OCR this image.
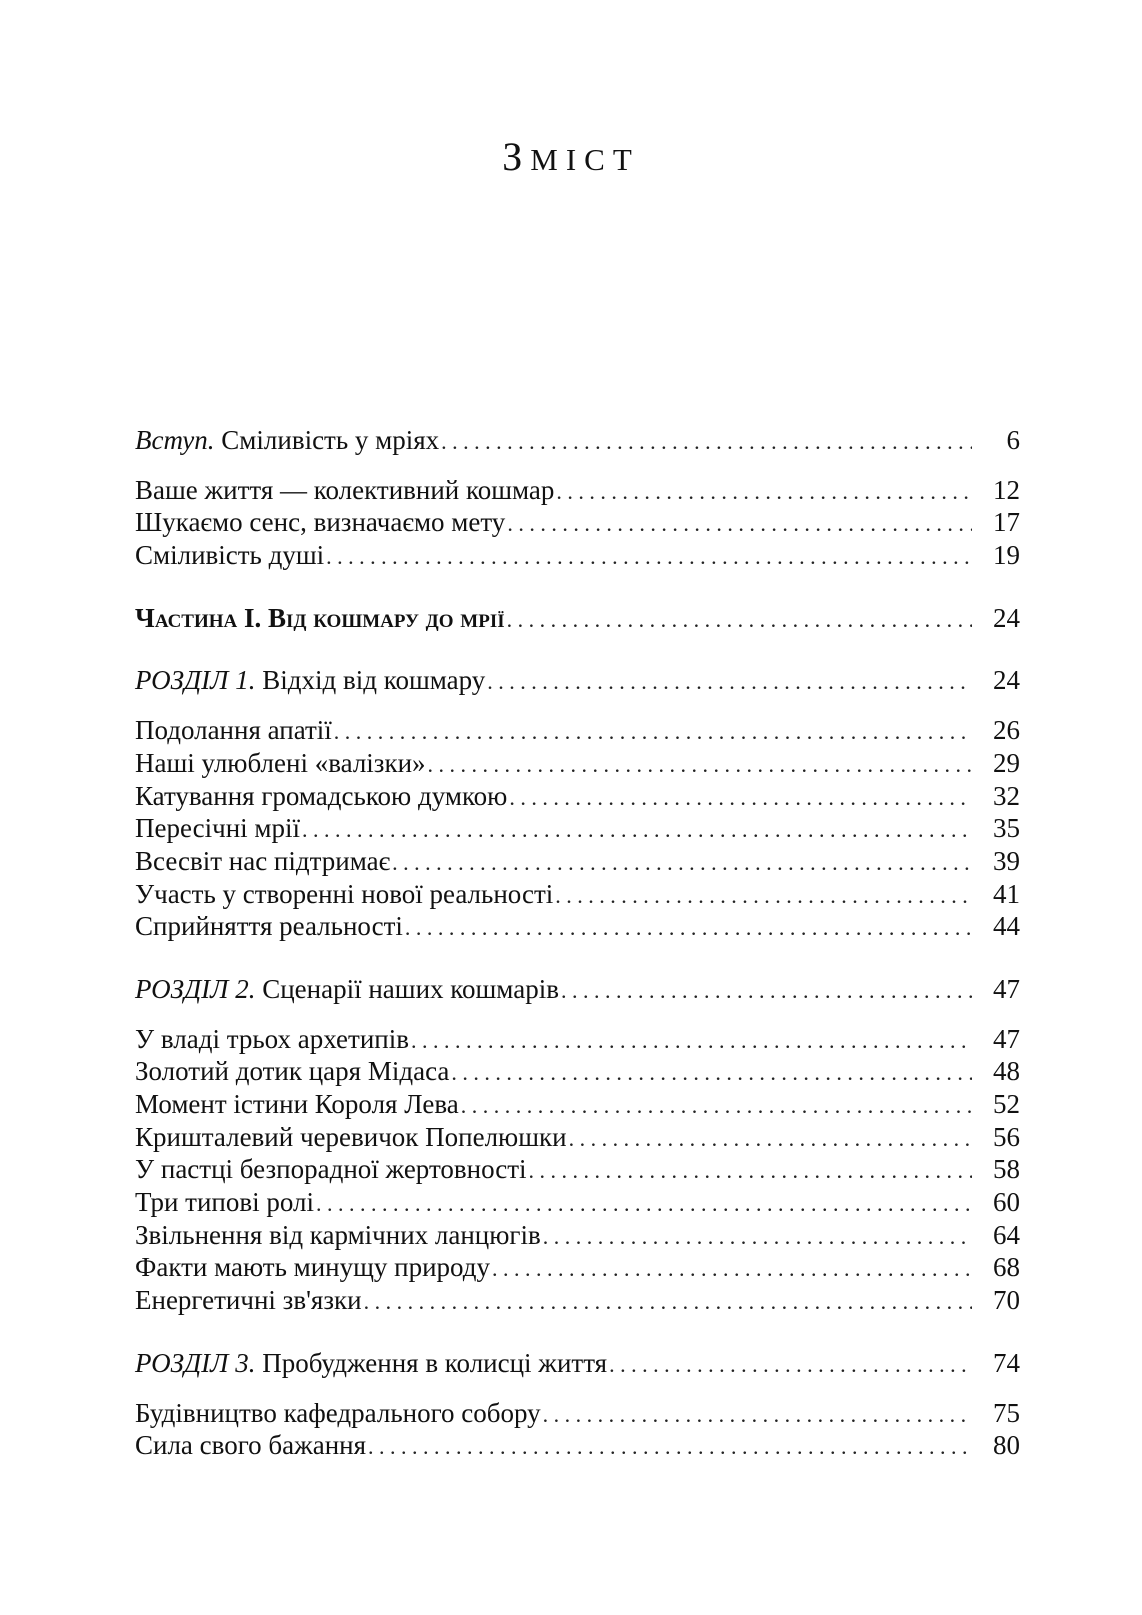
ЗМІСТ
Вступ. Сміливість у мріях . . .	6
Ваше життя — колективний кошмар . . .	12
Шукаємо сенс, визначаємо мету . . .	17
Сміливість душі . . .	19
Частина І. Від кошмару до мрії . . .	24
РОЗДІЛ 1. Відхід від кошмару . . .	24
Подолання апатії . . .	26
Наші улюблені «валізки» . . .	29
Катування громадською думкою . . .	32
Пересічні мрії . . .	35
Всесвіт нас підтримає . . .	39
Участь у створенні нової реальності . . .	41
Сприйняття реальності . . .	44
РОЗДІЛ 2. Сценарії наших кошмарів . . .	47
У владі трьох архетипів . . .	47
Золотий дотик царя Мідаса . . .	48
Момент істини Короля Лева . . .	52
Кришталевий черевичок Попелюшки . . .	56
У пастці безпорадної жертовності . . .	58
Три типові ролі . . .	60
Звільнення від кармічних ланцюгів . . .	64
Факти мають минущу природу . . .	68
Енергетичні зв'язки . . .	70
РОЗДІЛ 3. Пробудження в колисці життя . . .	74
Будівництво кафедрального собору . . .	75
Сила свого бажання . . .	80
